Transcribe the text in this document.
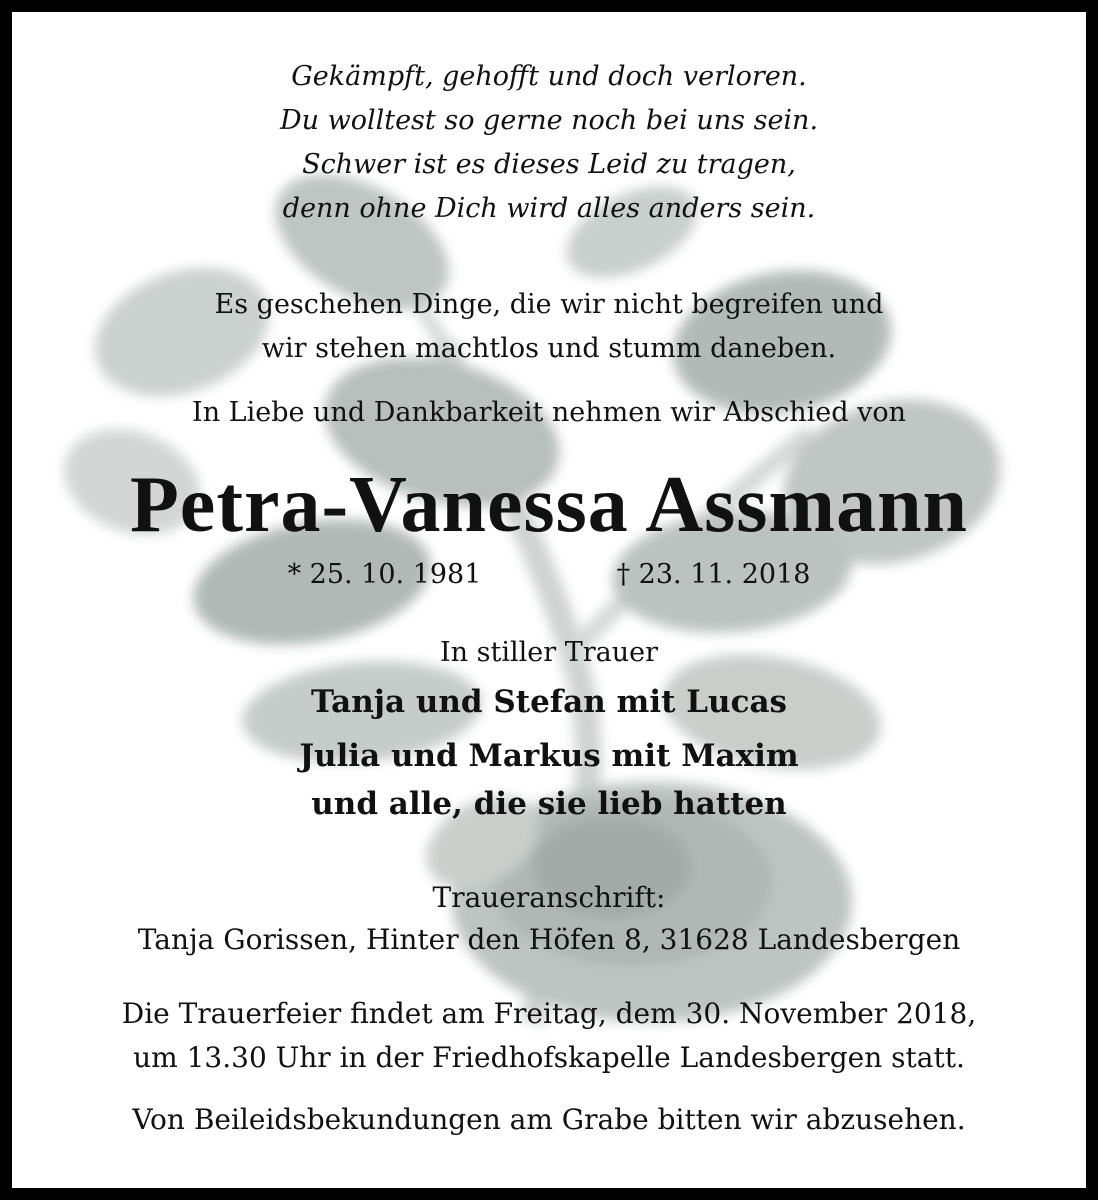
Gekämpft, gehofft und doch verloren.
Du wolltest so gerne noch bei uns sein.
Schwer ist es dieses Leid zu tragen,
denn ohne Dich wird alles anders sein.
Es geschehen Dinge, die wir nicht begreifen und
wir stehen machtlos und stumm daneben.
In Liebe und Dankbarkeit nehmen wir Abschied von
Petra-Vanessa Assmann
* 25. 10. 1981	† 23. 11. 2018
In stiller Trauer
Tanja und Stefan mit Lucas
Julia und Markus mit Maxim
und alle, die sie lieb hatten
Traueranschrift:
Tanja Gorissen, Hinter den Höfen 8, 31628 Landesbergen
Die Trauerfeier findet am Freitag, dem 30. November 2018,
um 13.30 Uhr in der Friedhofskapelle Landesbergen statt.
Von Beileidsbekundungen am Grabe bitten wir abzusehen.
